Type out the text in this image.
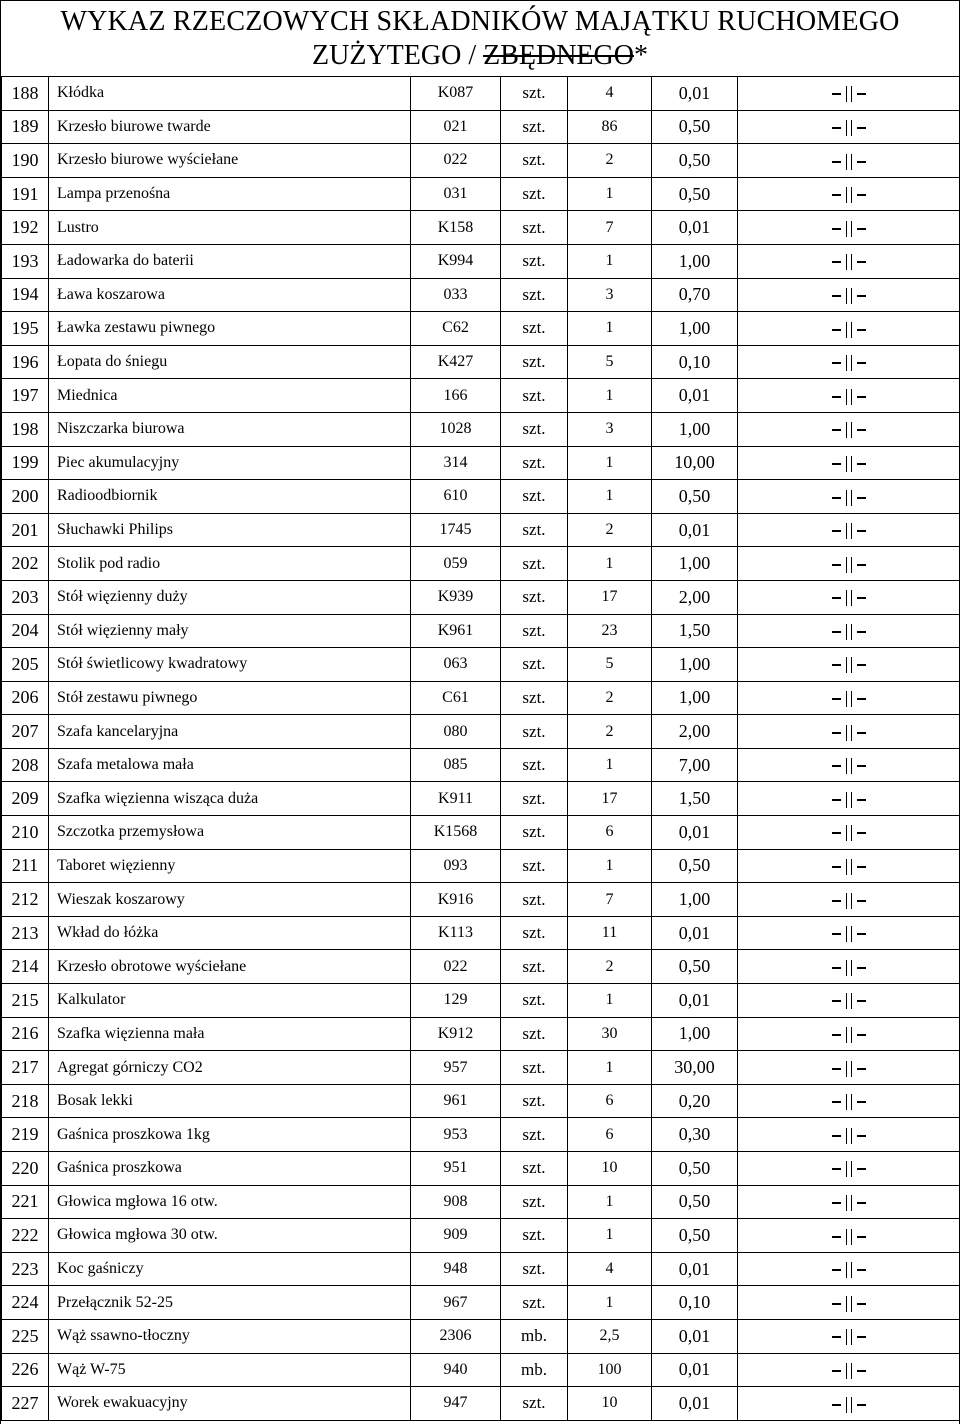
WYKAZ RZECZOWYCH SKŁADNIKÓW MAJĄTKU RUCHOMEGO
ZUŻYTEGO / ZBĘDNEGO*
188	Kłódka	K087	szt.	4	0,01	
189	Krzesło biurowe twarde	021	szt.	86	0,50	
190	Krzesło biurowe wyściełane	022	szt.	2	0,50	
191	Lampa przenośna	031	szt.	1	0,50	
192	Lustro	K158	szt.	7	0,01	
193	Ładowarka do baterii	K994	szt.	1	1,00	
194	Ława koszarowa	033	szt.	3	0,70	
195	Ławka zestawu piwnego	C62	szt.	1	1,00	
196	Łopata do śniegu	K427	szt.	5	0,10	
197	Miednica	166	szt.	1	0,01	
198	Niszczarka biurowa	1028	szt.	3	1,00	
199	Piec akumulacyjny	314	szt.	1	10,00	
200	Radioodbiornik	610	szt.	1	0,50	
201	Słuchawki Philips	1745	szt.	2	0,01	
202	Stolik pod radio	059	szt.	1	1,00	
203	Stół więzienny duży	K939	szt.	17	2,00	
204	Stół więzienny mały	K961	szt.	23	1,50	
205	Stół świetlicowy kwadratowy	063	szt.	5	1,00	
206	Stół zestawu piwnego	C61	szt.	2	1,00	
207	Szafa kancelaryjna	080	szt.	2	2,00	
208	Szafa metalowa mała	085	szt.	1	7,00	
209	Szafka więzienna wisząca duża	K911	szt.	17	1,50	
210	Szczotka przemysłowa	K1568	szt.	6	0,01	
211	Taboret więzienny	093	szt.	1	0,50	
212	Wieszak koszarowy	K916	szt.	7	1,00	
213	Wkład do łóżka	K113	szt.	11	0,01	
214	Krzesło obrotowe wyściełane	022	szt.	2	0,50	
215	Kalkulator	129	szt.	1	0,01	
216	Szafka więzienna mała	K912	szt.	30	1,00	
217	Agregat górniczy CO2	957	szt.	1	30,00	
218	Bosak lekki	961	szt.	6	0,20	
219	Gaśnica proszkowa 1kg	953	szt.	6	0,30	
220	Gaśnica proszkowa	951	szt.	10	0,50	
221	Głowica mgłowa 16 otw.	908	szt.	1	0,50	
222	Głowica mgłowa 30 otw.	909	szt.	1	0,50	
223	Koc gaśniczy	948	szt.	4	0,01	
224	Przełącznik 52-25	967	szt.	1	0,10	
225	Wąż ssawno-tłoczny	2306	mb.	2,5	0,01	
226	Wąż W-75	940	mb.	100	0,01	
227	Worek ewakuacyjny	947	szt.	10	0,01	
